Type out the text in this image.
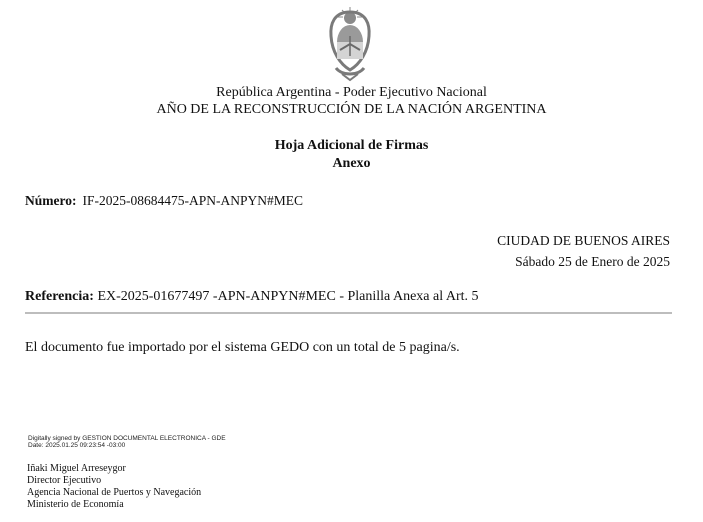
República Argentina - Poder Ejecutivo Nacional
AÑO DE LA RECONSTRUCCIÓN DE LA NACIÓN ARGENTINA
Hoja Adicional de Firmas
Anexo
Número: IF-2025-08684475-APN-ANPYN#MEC
CIUDAD DE BUENOS AIRES
Sábado 25 de Enero de 2025
Referencia: EX-2025-01677497 -APN-ANPYN#MEC - Planilla Anexa al Art. 5
El documento fue importado por el sistema GEDO con un total de 5 pagina/s.
Digitally signed by GESTION DOCUMENTAL ELECTRONICA - GDE
Date: 2025.01.25 09:23:54 -03:00
Iñaki Miguel Arreseygor
Director Ejecutivo
Agencia Nacional de Puertos y Navegación
Ministerio de Economía
